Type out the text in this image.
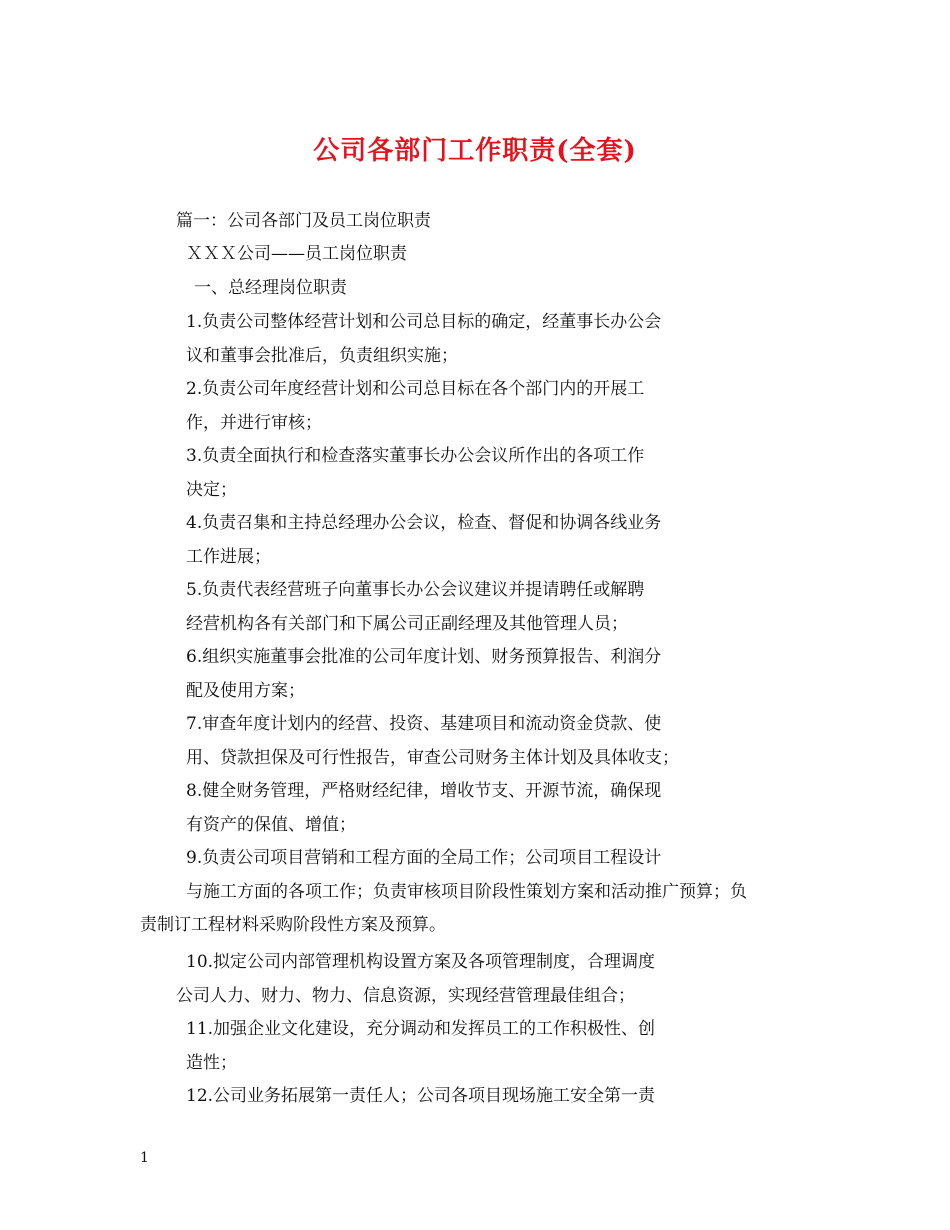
公司各部门工作职责(全套)
篇一：公司各部门及员工岗位职责
ＸＸＸ公司——员工岗位职责
一、总经理岗位职责
1.负责公司整体经营计划和公司总目标的确定，经董事长办公会
议和董事会批准后，负责组织实施；
2.负责公司年度经营计划和公司总目标在各个部门内的开展工
作，并进行审核；
3.负责全面执行和检查落实董事长办公会议所作出的各项工作
决定；
4.负责召集和主持总经理办公会议，检查、督促和协调各线业务
工作进展；
5.负责代表经营班子向董事长办公会议建议并提请聘任或解聘
经营机构各有关部门和下属公司正副经理及其他管理人员；
6.组织实施董事会批准的公司年度计划、财务预算报告、利润分
配及使用方案；
7.审查年度计划内的经营、投资、基建项目和流动资金贷款、使
用、贷款担保及可行性报告，审查公司财务主体计划及具体收支；
8.健全财务管理，严格财经纪律，增收节支、开源节流，确保现
有资产的保值、增值；
9.负责公司项目营销和工程方面的全局工作；公司项目工程设计
与施工方面的各项工作；负责审核项目阶段性策划方案和活动推广预算；负
责制订工程材料采购阶段性方案及预算。
10.拟定公司内部管理机构设置方案及各项管理制度，合理调度
公司人力、财力、物力、信息资源，实现经营管理最佳组合；
11.加强企业文化建设，充分调动和发挥员工的工作积极性、创
造性；
12.公司业务拓展第一责任人；公司各项目现场施工安全第一责
1
